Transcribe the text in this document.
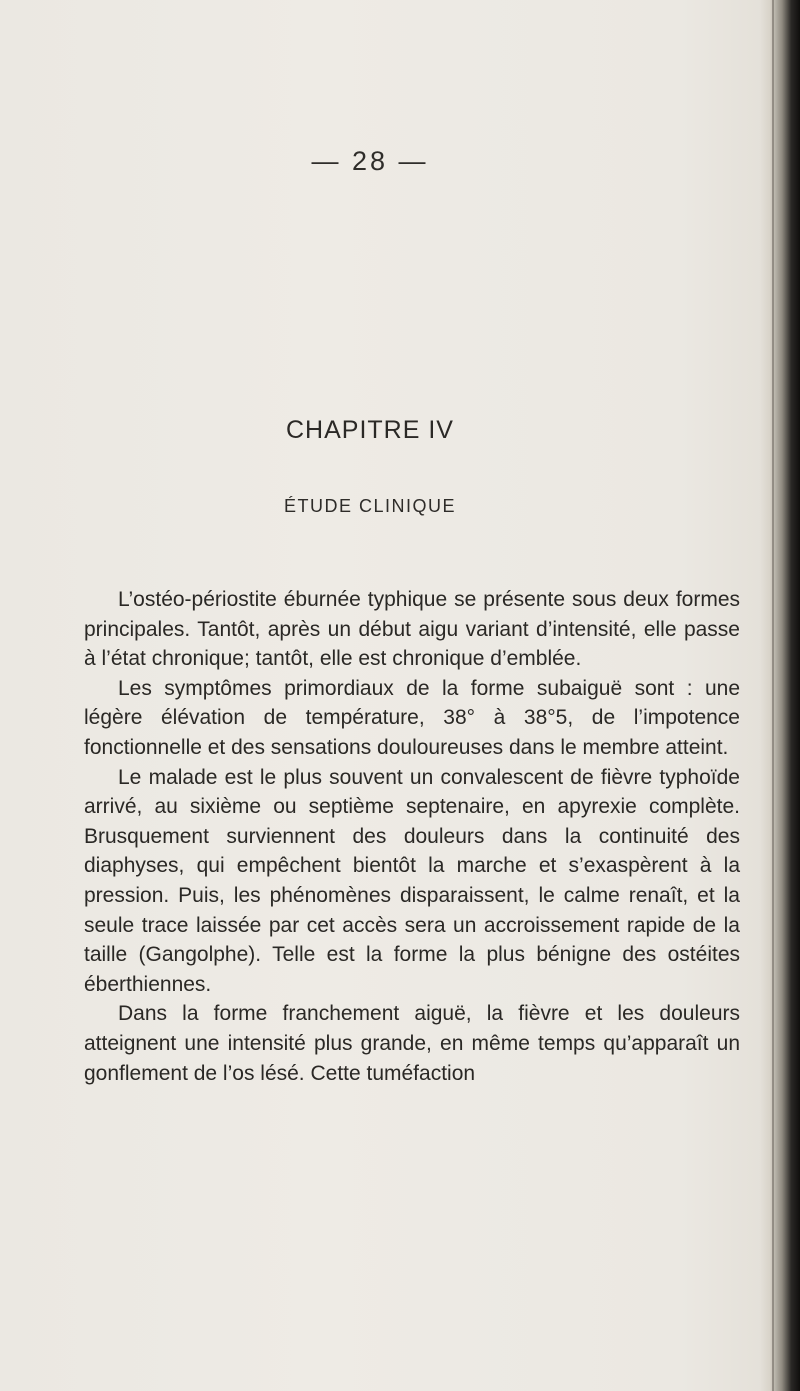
— 28 —
CHAPITRE IV
ÉTUDE CLINIQUE

L’ostéo-périostite éburnée typhique se présente sous deux formes principales. Tantôt, après un début aigu variant d’intensité, elle passe à l’état chronique; tantôt, elle est chronique d’emblée.

Les symptômes primordiaux de la forme subaiguë sont : une légère élévation de température, 38° à 38°5, de l’impotence fonctionnelle et des sensations douloureuses dans le membre atteint.

Le malade est le plus souvent un convalescent de fièvre typhoïde arrivé, au sixième ou septième septenaire, en apyrexie complète. Brusquement surviennent des douleurs dans la continuité des diaphyses, qui empêchent bientôt la marche et s’exaspèrent à la pression. Puis, les phénomènes disparaissent, le calme renaît, et la seule trace laissée par cet accès sera un accroissement rapide de la taille (Gangolphe). Telle est la forme la plus bénigne des ostéites éberthiennes.

Dans la forme franchement aiguë, la fièvre et les douleurs atteignent une intensité plus grande, en même temps qu’apparaît un gonflement de l’os lésé. Cette tuméfaction
